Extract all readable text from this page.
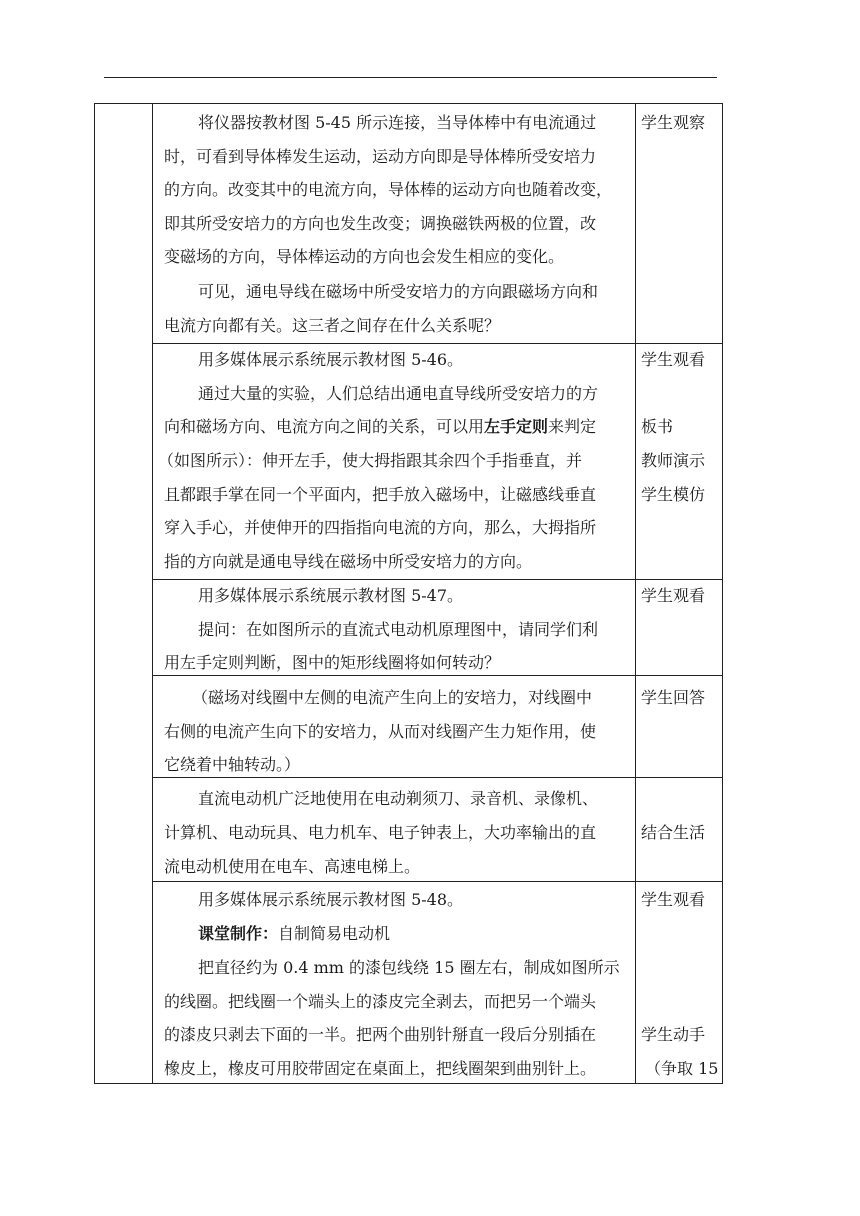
将仪器按教材图 5-45 所示连接，当导体棒中有电流通过
时，可看到导体棒发生运动，运动方向即是导体棒所受安培力
的方向。改变其中的电流方向，导体棒的运动方向也随着改变，
即其所受安培力的方向也发生改变；调换磁铁两极的位置，改
变磁场的方向，导体棒运动的方向也会发生相应的变化。
可见，通电导线在磁场中所受安培力的方向跟磁场方向和
电流方向都有关。这三者之间存在什么关系呢？
用多媒体展示系统展示教材图 5-46。
通过大量的实验，人们总结出通电直导线所受安培力的方
向和磁场方向、电流方向之间的关系，可以用左手定则来判定
（如图所示）：伸开左手，使大拇指跟其余四个手指垂直，并
且都跟手掌在同一个平面内，把手放入磁场中，让磁感线垂直
穿入手心，并使伸开的四指指向电流的方向，那么，大拇指所
指的方向就是通电导线在磁场中所受安培力的方向。
用多媒体展示系统展示教材图 5-47。
提问：在如图所示的直流式电动机原理图中，请同学们利
用左手定则判断，图中的矩形线圈将如何转动？
（磁场对线圈中左侧的电流产生向上的安培力，对线圈中
右侧的电流产生向下的安培力，从而对线圈产生力矩作用，使
它绕着中轴转动。）
直流电动机广泛地使用在电动剃须刀、录音机、录像机、
计算机、电动玩具、电力机车、电子钟表上，大功率输出的直
流电动机使用在电车、高速电梯上。
用多媒体展示系统展示教材图 5-48。
课堂制作：自制简易电动机
把直径约为 0.4 mm 的漆包线绕 15 圈左右，制成如图所示
的线圈。把线圈一个端头上的漆皮完全剥去，而把另一个端头
的漆皮只剥去下面的一半。把两个曲别针掰直一段后分别插在
橡皮上，橡皮可用胶带固定在桌面上，把线圈架到曲别针上。
学生观察
学生观看
板书
教师演示
学生模仿
学生观看
学生回答
结合生活
学生观看
学生动手
（争取 15
